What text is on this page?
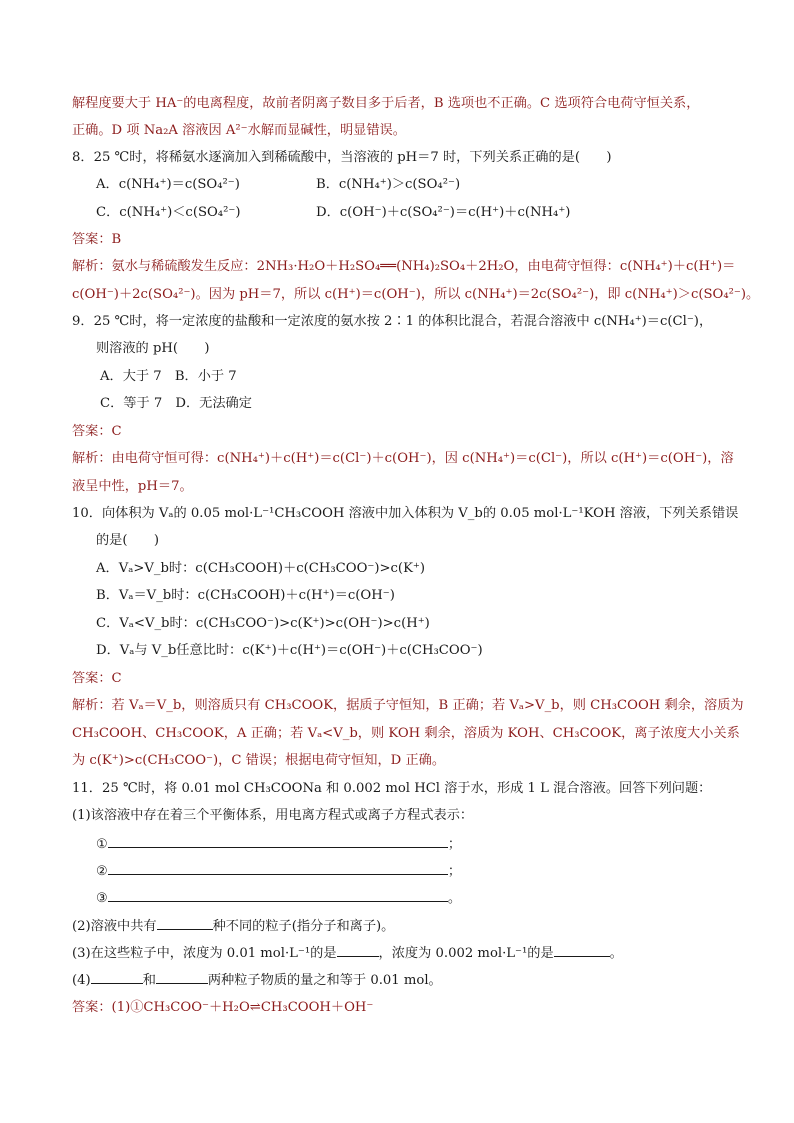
解程度要大于 HA⁻的电离程度，故前者阴离子数目多于后者，B 选项也不正确。C 选项符合电荷守恒关系，
正确。D 项 Na₂A 溶液因 A²⁻水解而显碱性，明显错误。
8．25 ℃时，将稀氨水逐滴加入到稀硫酸中，当溶液的 pH＝7 时，下列关系正确的是(　　)
A．c(NH₄⁺)＝c(SO₄²⁻)	B．c(NH₄⁺)＞c(SO₄²⁻)
C．c(NH₄⁺)＜c(SO₄²⁻)	D．c(OH⁻)＋c(SO₄²⁻)＝c(H⁺)＋c(NH₄⁺)
答案：B
解析：氨水与稀硫酸发生反应：2NH₃·H₂O＋H₂SO₄══(NH₄)₂SO₄＋2H₂O，由电荷守恒得：c(NH₄⁺)＋c(H⁺)＝
c(OH⁻)＋2c(SO₄²⁻)。因为 pH＝7，所以 c(H⁺)＝c(OH⁻)，所以 c(NH₄⁺)＝2c(SO₄²⁻)，即 c(NH₄⁺)＞c(SO₄²⁻)。
9．25 ℃时，将一定浓度的盐酸和一定浓度的氨水按 2∶1 的体积比混合，若混合溶液中 c(NH₄⁺)＝c(Cl⁻)，
则溶液的 pH(　　)
A．大于 7　B．小于 7
C．等于 7　D．无法确定
答案：C
解析：由电荷守恒可得：c(NH₄⁺)＋c(H⁺)＝c(Cl⁻)＋c(OH⁻)，因 c(NH₄⁺)＝c(Cl⁻)，所以 c(H⁺)＝c(OH⁻)，溶
液呈中性，pH＝7。
10．向体积为 Vₐ的 0.05 mol·L⁻¹CH₃COOH 溶液中加入体积为 V_b的 0.05 mol·L⁻¹KOH 溶液，下列关系错误
的是(　　)
A．Vₐ>V_b时：c(CH₃COOH)＋c(CH₃COO⁻)>c(K⁺)
B．Vₐ＝V_b时：c(CH₃COOH)＋c(H⁺)＝c(OH⁻)
C．Vₐ<V_b时：c(CH₃COO⁻)>c(K⁺)>c(OH⁻)>c(H⁺)
D．Vₐ与 V_b任意比时：c(K⁺)＋c(H⁺)＝c(OH⁻)＋c(CH₃COO⁻)
答案：C
解析：若 Vₐ＝V_b，则溶质只有 CH₃COOK，据质子守恒知，B 正确；若 Vₐ>V_b，则 CH₃COOH 剩余，溶质为
CH₃COOH、CH₃COOK，A 正确；若 Vₐ<V_b，则 KOH 剩余，溶质为 KOH、CH₃COOK，离子浓度大小关系
为 c(K⁺)>c(CH₃COO⁻)，C 错误；根据电荷守恒知，D 正确。
11．25 ℃时，将 0.01 mol CH₃COONa 和 0.002 mol HCl 溶于水，形成 1 L 混合溶液。回答下列问题：
(1)该溶液中存在着三个平衡体系，用电离方程式或离子方程式表示：
①	；
②	；
③	。
(2)溶液中共有	种不同的粒子(指分子和离子)。
(3)在这些粒子中，浓度为 0.01 mol·L⁻¹的是	，浓度为 0.002 mol·L⁻¹的是	。
(4)	和	两种粒子物质的量之和等于 0.01 mol。
答案：(1)①CH₃COO⁻＋H₂O⇌CH₃COOH＋OH⁻
